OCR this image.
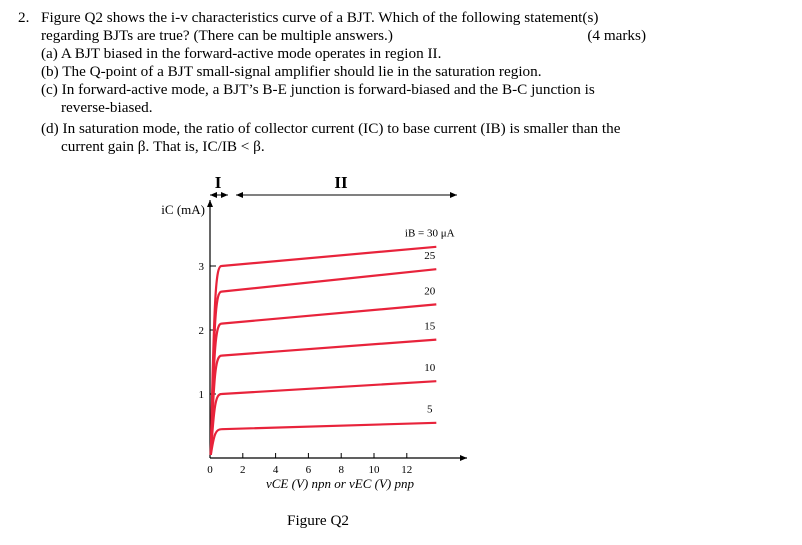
2. Figure Q2 shows the i-v characteristics curve of a BJT. Which of the following statement(s)
regarding BJTs are true? (There can be multiple answers.)	(4 marks)
(a) A BJT biased in the forward-active mode operates in region II.
(b) The Q-point of a BJT small-signal amplifier should lie in the saturation region.
(c) In forward-active mode, a BJT’s B-E junction is forward-biased and the B-C junction is
reverse-biased.
(d) In saturation mode, the ratio of collector current (IC) to base current (IB) is smaller than the
current gain β. That is, IC/IB < β.
I	II
iC (mA)
vCE (V) npn or vEC (V) pnp
0 2 4 6 8 10 12
1
2
3
5
10
15
20
25
iB = 30 μA
Figure Q2
